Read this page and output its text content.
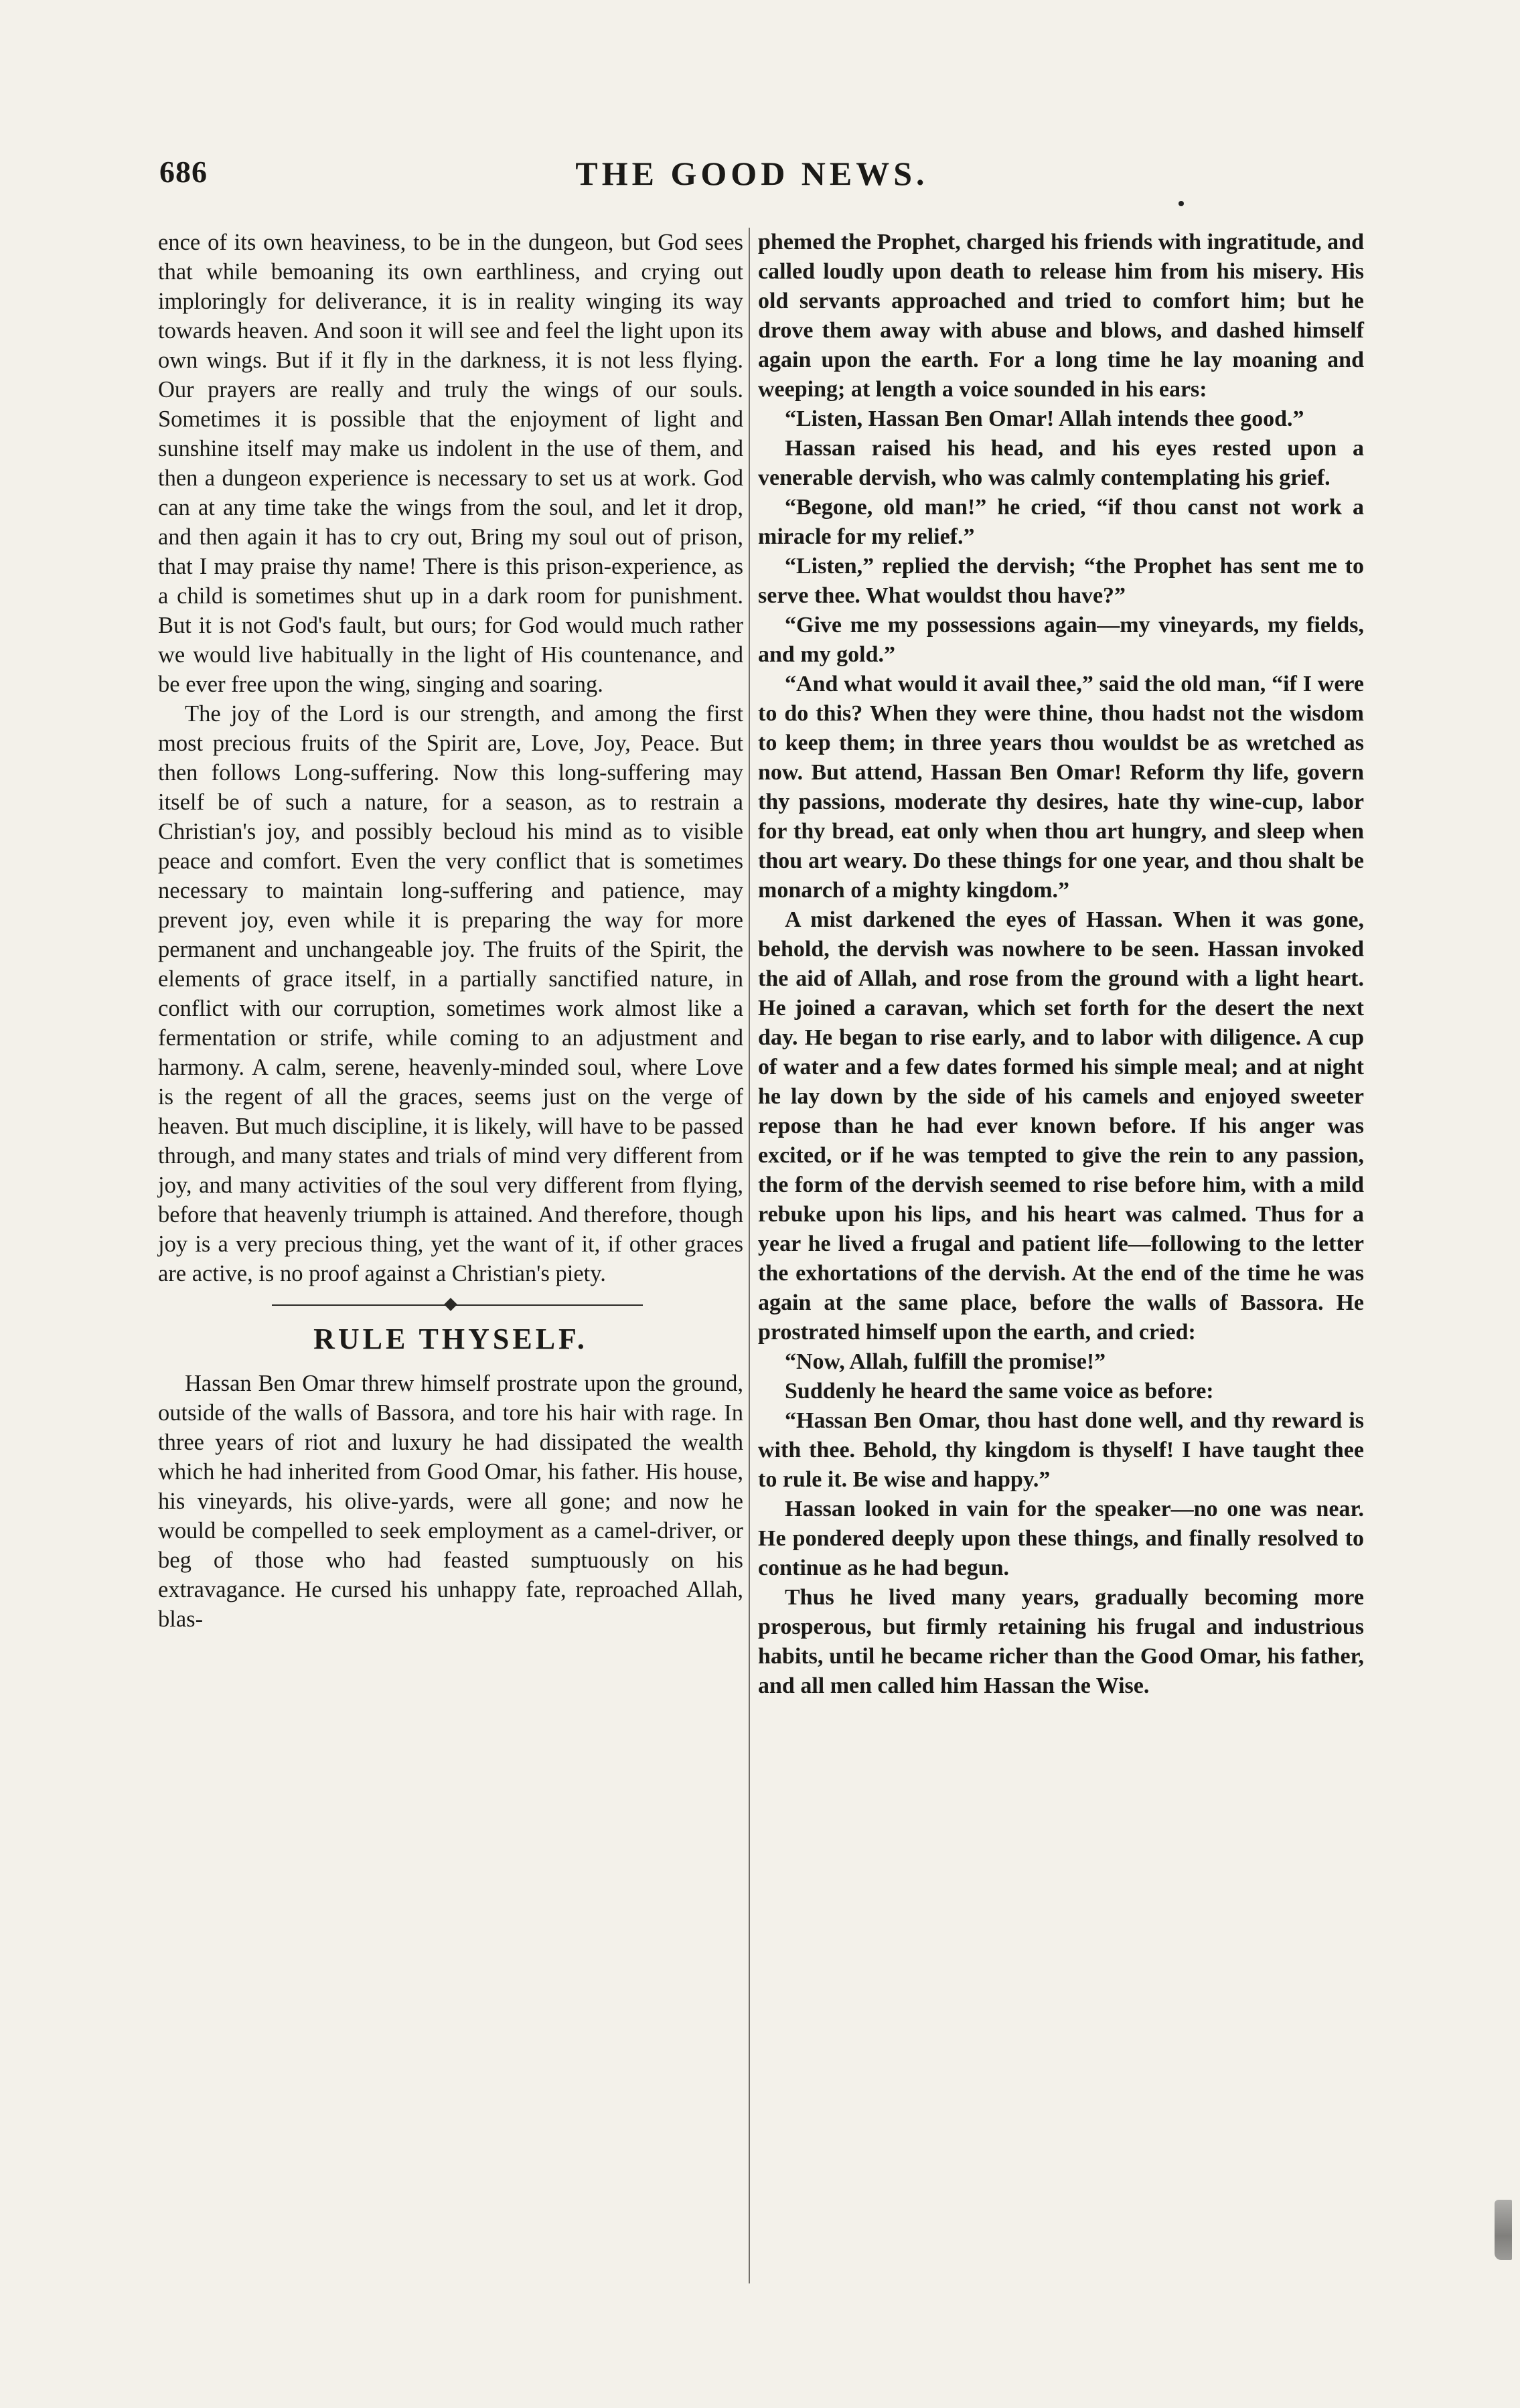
686	THE GOOD NEWS.

ence of its own heaviness, to be in the dungeon, but God sees that while bemoaning its own earthliness, and crying out imploringly for deliverance, it is in reality winging its way towards heaven. And soon it will see and feel the light upon its own wings. But if it fly in the darkness, it is not less flying. Our prayers are really and truly the wings of our souls. Sometimes it is possible that the enjoyment of light and sunshine itself may make us indolent in the use of them, and then a dungeon experience is necessary to set us at work. God can at any time take the wings from the soul, and let it drop, and then again it has to cry out, Bring my soul out of prison, that I may praise thy name! There is this prison-experience, as a child is sometimes shut up in a dark room for punishment. But it is not God's fault, but ours; for God would much rather we would live habitually in the light of His countenance, and be ever free upon the wing, singing and soaring.

The joy of the Lord is our strength, and among the first most precious fruits of the Spirit are, Love, Joy, Peace. But then follows Long-suffering. Now this long-suffering may itself be of such a nature, for a season, as to restrain a Christian's joy, and possibly becloud his mind as to visible peace and comfort. Even the very conflict that is sometimes necessary to maintain long-suffering and patience, may prevent joy, even while it is preparing the way for more permanent and unchangeable joy. The fruits of the Spirit, the elements of grace itself, in a partially sanctified nature, in conflict with our corruption, sometimes work almost like a fermentation or strife, while coming to an adjustment and harmony. A calm, serene, heavenly-minded soul, where Love is the regent of all the graces, seems just on the verge of heaven. But much discipline, it is likely, will have to be passed through, and many states and trials of mind very different from joy, and many activities of the soul very different from flying, before that heavenly triumph is attained. And therefore, though joy is a very precious thing, yet the want of it, if other graces are active, is no proof against a Christian's piety.

RULE THYSELF.

Hassan Ben Omar threw himself prostrate upon the ground, outside of the walls of Bassora, and tore his hair with rage. In three years of riot and luxury he had dissipated the wealth which he had inherited from Good Omar, his father. His house, his vineyards, his olive-yards, were all gone; and now he would be compelled to seek employment as a camel-driver, or beg of those who had feasted sumptuously on his extravagance. He cursed his unhappy fate, reproached Allah, blas-

phemed the Prophet, charged his friends with ingratitude, and called loudly upon death to release him from his misery. His old servants approached and tried to comfort him; but he drove them away with abuse and blows, and dashed himself again upon the earth. For a long time he lay moaning and weeping; at length a voice sounded in his ears:

“Listen, Hassan Ben Omar! Allah intends thee good.”

Hassan raised his head, and his eyes rested upon a venerable dervish, who was calmly contemplating his grief.

“Begone, old man!” he cried, “if thou canst not work a miracle for my relief.”

“Listen,” replied the dervish; “the Prophet has sent me to serve thee. What wouldst thou have?”

“Give me my possessions again—my vineyards, my fields, and my gold.”

“And what would it avail thee,” said the old man, “if I were to do this? When they were thine, thou hadst not the wisdom to keep them; in three years thou wouldst be as wretched as now. But attend, Hassan Ben Omar! Reform thy life, govern thy passions, moderate thy desires, hate thy wine-cup, labor for thy bread, eat only when thou art hungry, and sleep when thou art weary. Do these things for one year, and thou shalt be monarch of a mighty kingdom.”

A mist darkened the eyes of Hassan. When it was gone, behold, the dervish was nowhere to be seen. Hassan invoked the aid of Allah, and rose from the ground with a light heart. He joined a caravan, which set forth for the desert the next day. He began to rise early, and to labor with diligence. A cup of water and a few dates formed his simple meal; and at night he lay down by the side of his camels and enjoyed sweeter repose than he had ever known before. If his anger was excited, or if he was tempted to give the rein to any passion, the form of the dervish seemed to rise before him, with a mild rebuke upon his lips, and his heart was calmed. Thus for a year he lived a frugal and patient life—following to the letter the exhortations of the dervish. At the end of the time he was again at the same place, before the walls of Bassora. He prostrated himself upon the earth, and cried:

“Now, Allah, fulfill the promise!”

Suddenly he heard the same voice as before:

“Hassan Ben Omar, thou hast done well, and thy reward is with thee. Behold, thy kingdom is thyself! I have taught thee to rule it. Be wise and happy.”

Hassan looked in vain for the speaker—no one was near. He pondered deeply upon these things, and finally resolved to continue as he had begun.

Thus he lived many years, gradually becoming more prosperous, but firmly retaining his frugal and industrious habits, until he became richer than the Good Omar, his father, and all men called him Hassan the Wise.
